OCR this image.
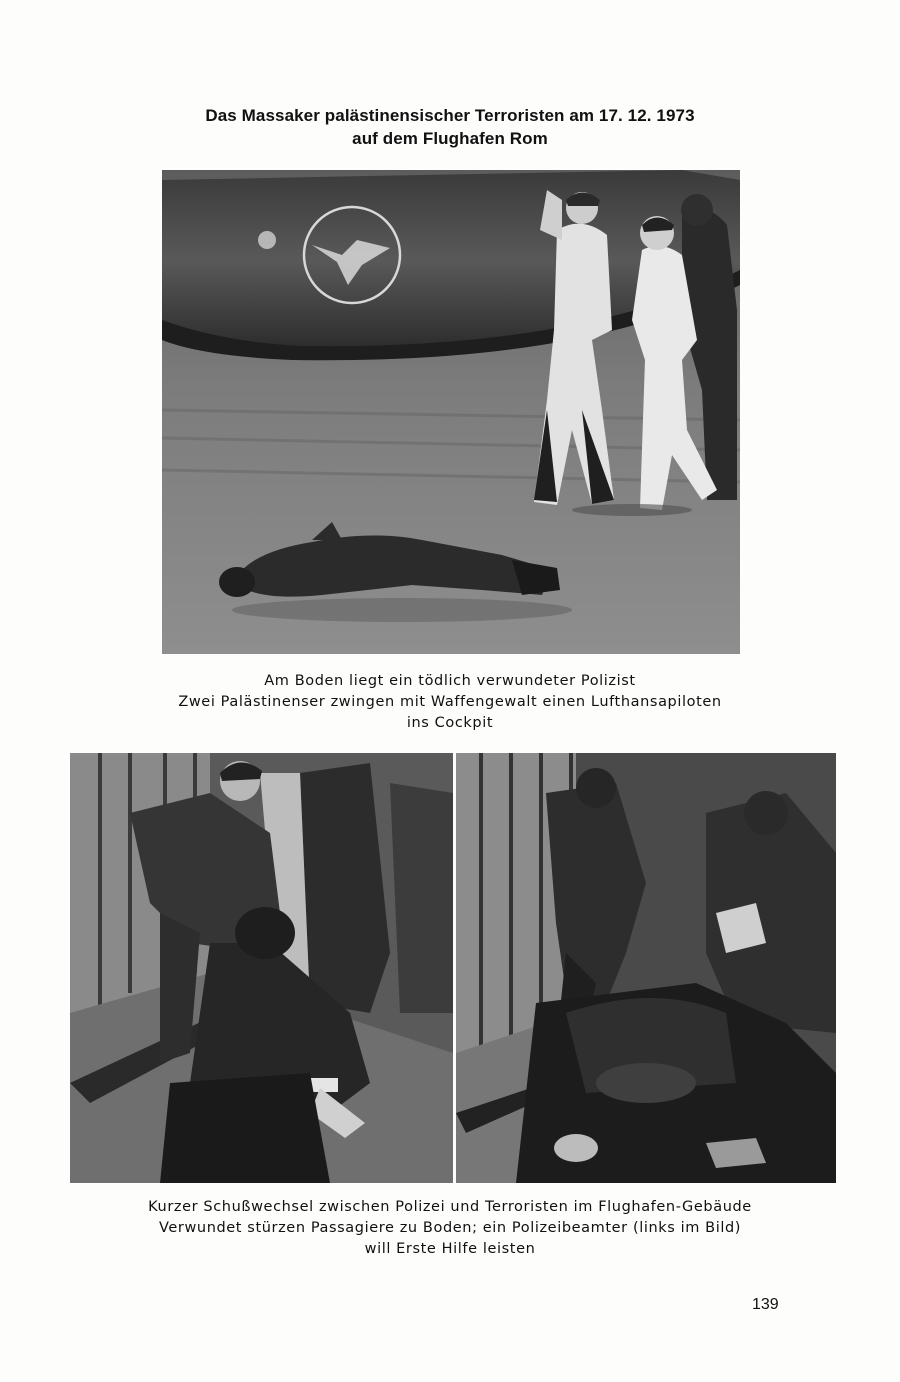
Das Massaker palästinensischer Terroristen am 17. 12. 1973
auf dem Flughafen Rom
Am Boden liegt ein tödlich verwundeter Polizist
Zwei Palästinenser zwingen mit Waffengewalt einen Lufthansapiloten
ins Cockpit
Kurzer Schußwechsel zwischen Polizei und Terroristen im Flughafen-Gebäude
Verwundet stürzen Passagiere zu Boden; ein Polizeibeamter (links im Bild)
will Erste Hilfe leisten
139
